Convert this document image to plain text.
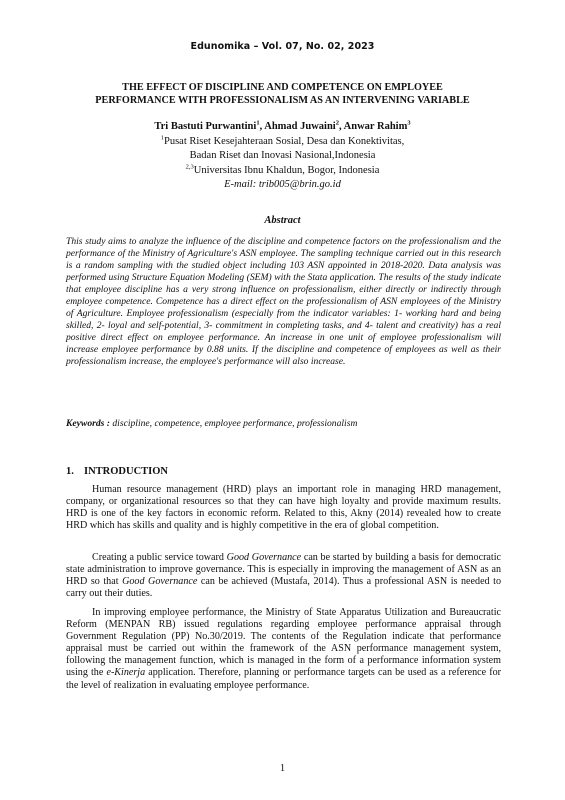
Edunomika – Vol. 07, No. 02, 2023
THE EFFECT OF DISCIPLINE AND COMPETENCE ON EMPLOYEE
PERFORMANCE WITH PROFESSIONALISM AS AN INTERVENING VARIABLE
Tri Bastuti Purwantini$^1$, Ahmad Juwaini$^2$, Anwar Rahim$^3$
$^1$Pusat Riset Kesejahteraan Sosial, Desa dan Konektivitas,
Badan Riset dan Inovasi Nasional,Indonesia
$^{2,3}$Universitas Ibnu Khaldun, Bogor, Indonesia
E-mail: trib005@brin.go.id
Abstract

This study aims to analyze the influence of the discipline and competence factors on the professionalism and the performance of the Ministry of Agriculture's ASN employee. The sampling technique carried out in this research is a random sampling with the studied object including 103 ASN appointed in 2018-2020. Data analysis was performed using Structure Equation Modeling (SEM) with the Stata application. The results of the study indicate that employee discipline has a very strong influence on professionalism, either directly or indirectly through employee competence. Competence has a direct effect on the professionalism of ASN employees of the Ministry of Agriculture. Employee professionalism (especially from the indicator variables: 1- working hard and being skilled, 2- loyal and self-potential, 3- commitment in completing tasks, and 4- talent and creativity) has a real positive direct effect on employee performance. An increase in one unit of employee professionalism will increase employee performance by 0.88 units. If the discipline and competence of employees as well as their professionalism increase, the employee's performance will also increase.

Keywords : discipline, competence, employee performance, professionalism

1. INTRODUCTION

Human resource management (HRD) plays an important role in managing HRD management, company, or organizational resources so that they can have high loyalty and provide maximum results. HRD is one of the key factors in economic reform. Related to this, Akny (2014) revealed how to create HRD which has skills and quality and is highly competitive in the era of global competition.

Creating a public service toward Good Governance can be started by building a basis for democratic state administration to improve governance. This is especially in improving the management of ASN as an HRD so that Good Governance can be achieved (Mustafa, 2014). Thus a professional ASN is needed to carry out their duties.

In improving employee performance, the Ministry of State Apparatus Utilization and Bureaucratic Reform (MENPAN RB) issued regulations regarding employee performance appraisal through Government Regulation (PP) No.30/2019. The contents of the Regulation indicate that performance appraisal must be carried out within the framework of the ASN performance management system, following the management function, which is managed in the form of a performance information system using the e-Kinerja application. Therefore, planning or performance targets can be used as a reference for the level of realization in evaluating employee performance.

1
